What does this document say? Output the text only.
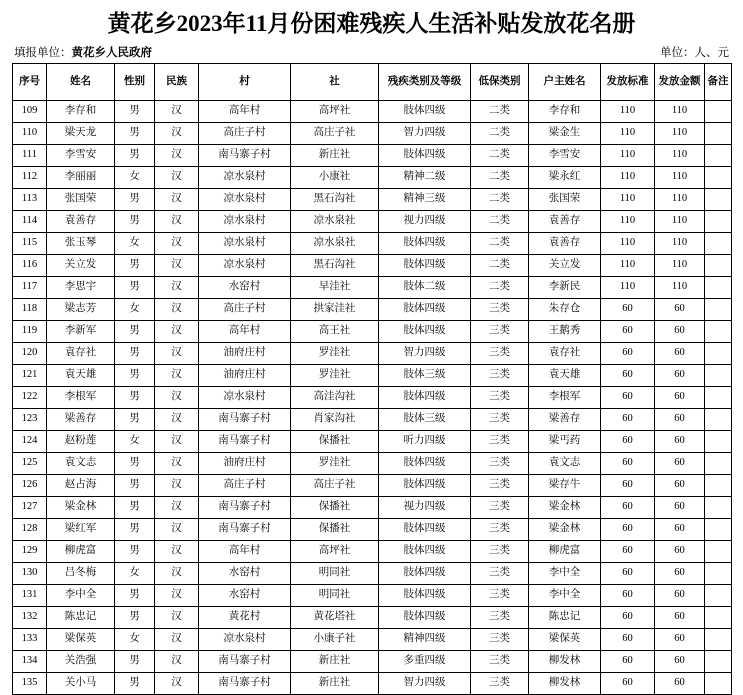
黄花乡2023年11月份困难残疾人生活补贴发放花名册
填报单位：黄花乡人民政府	单位：人、元
序号	姓名	性别	民族	村	社	残疾类别及等级	低保类别	户主姓名	发放标准	发放金额	备注
109	李存和	男	汉	高年村	高坪社	肢体四级	二类	李存和	110	110	
110	梁天龙	男	汉	高庄子村	高庄子社	智力四级	二类	梁金生	110	110	
111	李雪安	男	汉	南马寨子村	新庄社	肢体四级	二类	李雪安	110	110	
112	李丽丽	女	汉	凉水泉村	小康社	精神二级	二类	梁永红	110	110	
113	张国荣	男	汉	凉水泉村	黑石沟社	精神三级	二类	张国荣	110	110	
114	袁善存	男	汉	凉水泉村	凉水泉社	视力四级	二类	袁善存	110	110	
115	张玉琴	女	汉	凉水泉村	凉水泉社	肢体四级	二类	袁善存	110	110	
116	关立发	男	汉	凉水泉村	黑石沟社	肢体四级	二类	关立发	110	110	
117	李思宇	男	汉	水窑村	早洼社	肢体二级	二类	李新民	110	110	
118	梁志芳	女	汉	高庄子村	拱家洼社	肢体四级	三类	朱存仓	60	60	
119	李新军	男	汉	高年村	高王社	肢体四级	三类	王鹅秀	60	60	
120	袁存社	男	汉	油府庄村	罗洼社	智力四级	三类	袁存社	60	60	
121	袁天雄	男	汉	油府庄村	罗洼社	肢体三级	三类	袁天雄	60	60	
122	李根军	男	汉	凉水泉村	高洼沟社	肢体四级	三类	李根军	60	60	
123	梁善存	男	汉	南马寨子村	肖家沟社	肢体三级	三类	梁善存	60	60	
124	赵粉莲	女	汉	南马寨子村	保播社	听力四级	三类	梁丐药	60	60	
125	袁文志	男	汉	油府庄村	罗洼社	肢体四级	三类	袁文志	60	60	
126	赵占海	男	汉	高庄子村	高庄子社	肢体四级	三类	梁存牛	60	60	
127	梁金林	男	汉	南马寨子村	保播社	视力四级	三类	梁金林	60	60	
128	梁红军	男	汉	南马寨子村	保播社	肢体四级	三类	梁金林	60	60	
129	柳虎富	男	汉	高年村	高坪社	肢体四级	三类	柳虎富	60	60	
130	吕冬梅	女	汉	水窑村	明同社	肢体四级	三类	李中全	60	60	
131	李中全	男	汉	水窑村	明同社	肢体四级	三类	李中全	60	60	
132	陈忠记	男	汉	黄花村	黄花塔社	肢体四级	三类	陈忠记	60	60	
133	梁保英	女	汉	凉水泉村	小康子社	精神四级	三类	梁保英	60	60	
134	关浩强	男	汉	南马寨子村	新庄社	多重四级	三类	柳发林	60	60	
135	关小马	男	汉	南马寨子村	新庄社	智力四级	三类	柳发林	60	60	
